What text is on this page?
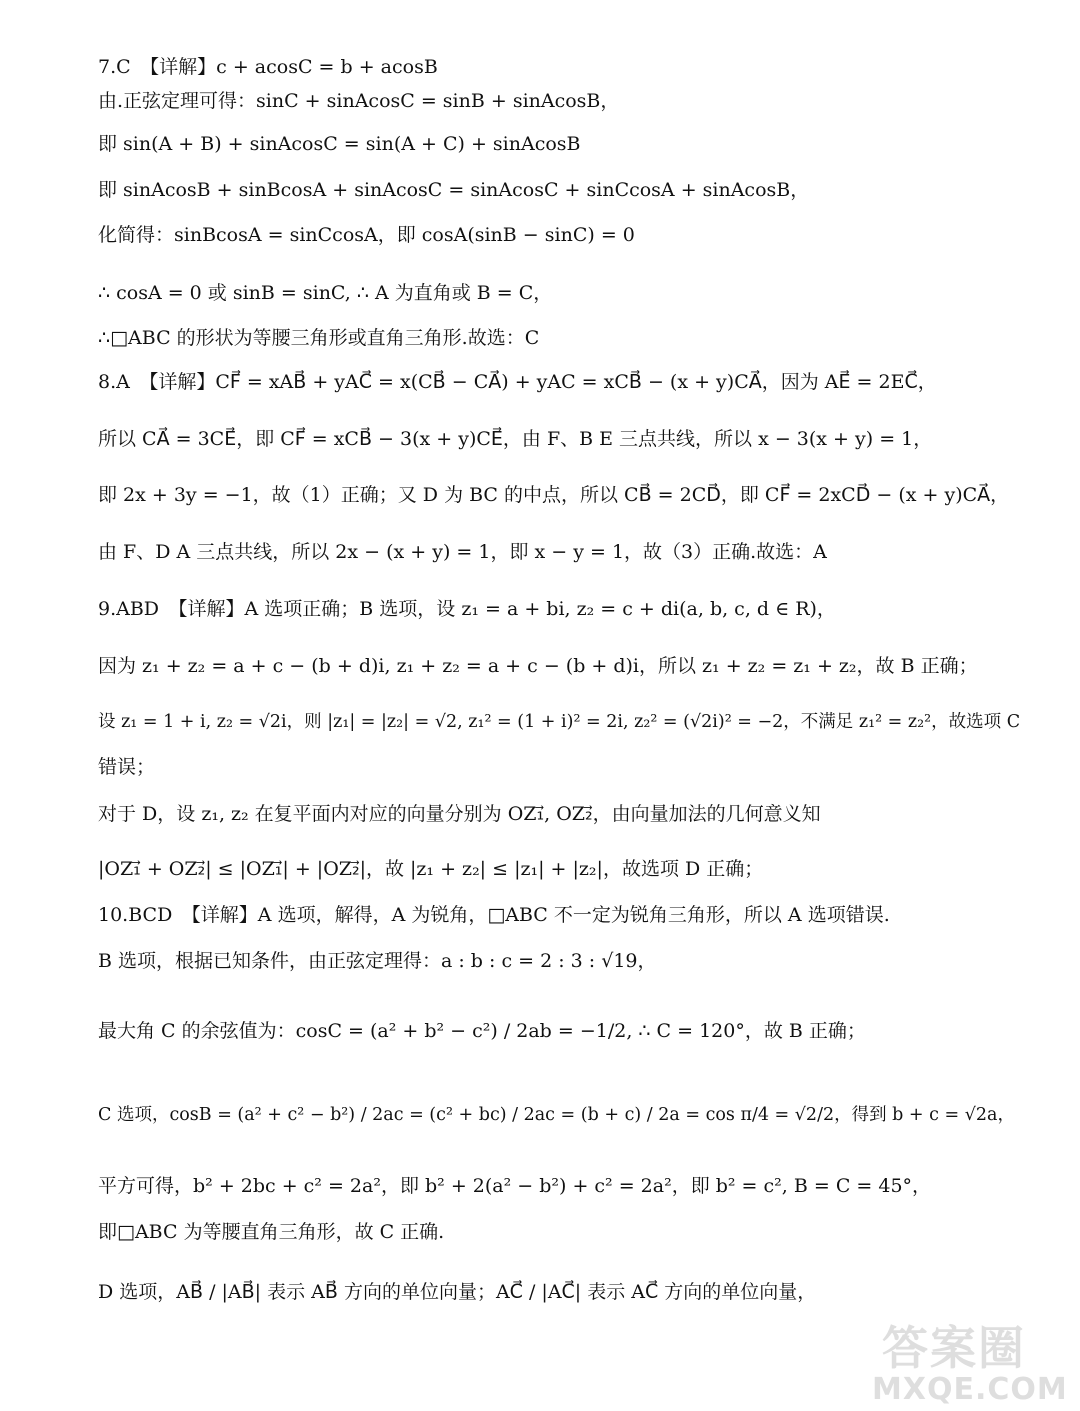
7.C　【详解】c + acosC = b + acosB
由.正弦定理可得：sinC + sinAcosC = sinB + sinAcosB，
即 sin(A + B) + sinAcosC = sin(A + C) + sinAcosB
即 sinAcosB + sinBcosA + sinAcosC = sinAcosC + sinCcosA + sinAcosB，
化简得：sinBcosA = sinCcosA，即 cosA(sinB − sinC) = 0
∴ cosA = 0 或 sinB = sinC, ∴ A 为直角或 B = C，
∴□ABC 的形状为等腰三角形或直角三角形.故选：C
8.A　【详解】CF⃗ = xAB⃗ + yAC⃗ = x(CB⃗ − CA⃗) + yAC = xCB⃗ − (x + y)CA⃗，因为 AE⃗ = 2EC⃗，
所以 CA⃗ = 3CE⃗，即 CF⃗ = xCB⃗ − 3(x + y)CE⃗，由 F、B E 三点共线，所以 x − 3(x + y) = 1，
即 2x + 3y = −1，故（1）正确；又 D 为 BC 的中点，所以 CB⃗ = 2CD⃗，即 CF⃗ = 2xCD⃗ − (x + y)CA⃗，
由 F、D A 三点共线，所以 2x − (x + y) = 1，即 x − y = 1，故（3）正确.故选：A
9.ABD　【详解】A 选项正确；B 选项，设 z₁ = a + bi, z₂ = c + di(a, b, c, d ∈ R)，
因为 z₁ + z₂ = a + c − (b + d)i, z₁ + z₂ = a + c − (b + d)i，所以 z₁ + z₂ = z₁ + z₂，故 B 正确；
设 z₁ = 1 + i, z₂ = √2i，则 |z₁| = |z₂| = √2, z₁² = (1 + i)² = 2i, z₂² = (√2i)² = −2，不满足 z₁² = z₂²，故选项 C
错误；
对于 D，设 z₁, z₂ 在复平面内对应的向量分别为 OZ₁⃗, OZ₂⃗，由向量加法的几何意义知
|OZ₁⃗ + OZ₂⃗| ≤ |OZ₁⃗| + |OZ₂⃗|，故 |z₁ + z₂| ≤ |z₁| + |z₂|，故选项 D 正确；
10.BCD　【详解】A 选项，解得，A 为锐角，□ABC 不一定为锐角三角形，所以 A 选项错误.
B 选项，根据已知条件，由正弦定理得：a : b : c = 2 : 3 : √19，
最大角 C 的余弦值为：cosC = (a² + b² − c²) / 2ab = −1/2, ∴ C = 120°，故 B 正确；
C 选项，cosB = (a² + c² − b²) / 2ac = (c² + bc) / 2ac = (b + c) / 2a = cos π/4 = √2/2，得到 b + c = √2a，
平方可得，b² + 2bc + c² = 2a²，即 b² + 2(a² − b²) + c² = 2a²，即 b² = c², B = C = 45°，
即□ABC 为等腰直角三角形，故 C 正确.
D 选项，AB⃗ / |AB⃗| 表示 AB⃗ 方向的单位向量；AC⃗ / |AC⃗| 表示 AC⃗ 方向的单位向量，
答案圈
MXQE.COM
